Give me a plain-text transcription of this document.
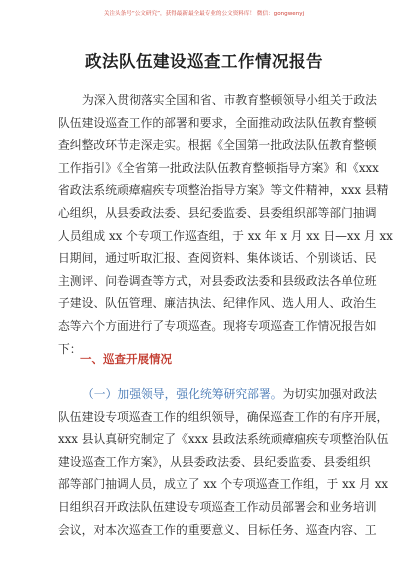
关注头条号“公文研究”，获得最新最全最专业的公文资料库！ 微信：gongwenyj
政法队伍建设巡查工作情况报告
为深入贯彻落实全国和省、市教育整顿领导小组关于政法
队伍建设巡查工作的部署和要求，全面推动政法队伍教育整顿
查纠整改环节走深走实。根据《全国第一批政法队伍教育整顿
工作指引》《全省第一批政法队伍教育整顿指导方案》和《xxx
省政法系统顽瘴痼疾专项整治指导方案》等文件精神，xxx 县精
心组织，从县委政法委、县纪委监委、县委组织部等部门抽调
人员组成 xx 个专项工作巡查组，于 xx 年 x 月 xx 日—xx 月 xx
日期间，通过听取汇报、查阅资料、集体谈话、个别谈话、民
主测评、问卷调查等方式，对县委政法委和县级政法各单位班
子建设、队伍管理、廉洁执法、纪律作风、选人用人、政治生
态等六个方面进行了专项巡查。现将专项巡查工作情况报告如
下：
一、巡查开展情况
（一）加强领导，强化统筹研究部署。为切实加强对政法
队伍建设专项巡查工作的组织领导，确保巡查工作的有序开展，
xxx 县认真研究制定了《xxx 县政法系统顽瘴痼疾专项整治队伍
建设巡查工作方案》，从县委政法委、县纪委监委、县委组织
部等部门抽调人员，成立了 xx 个专项巡查工作组，于 xx 月 xx
日组织召开政法队伍建设专项巡查工作动员部署会和业务培训
会议，对本次巡查工作的重要意义、目标任务、巡查内容、工
